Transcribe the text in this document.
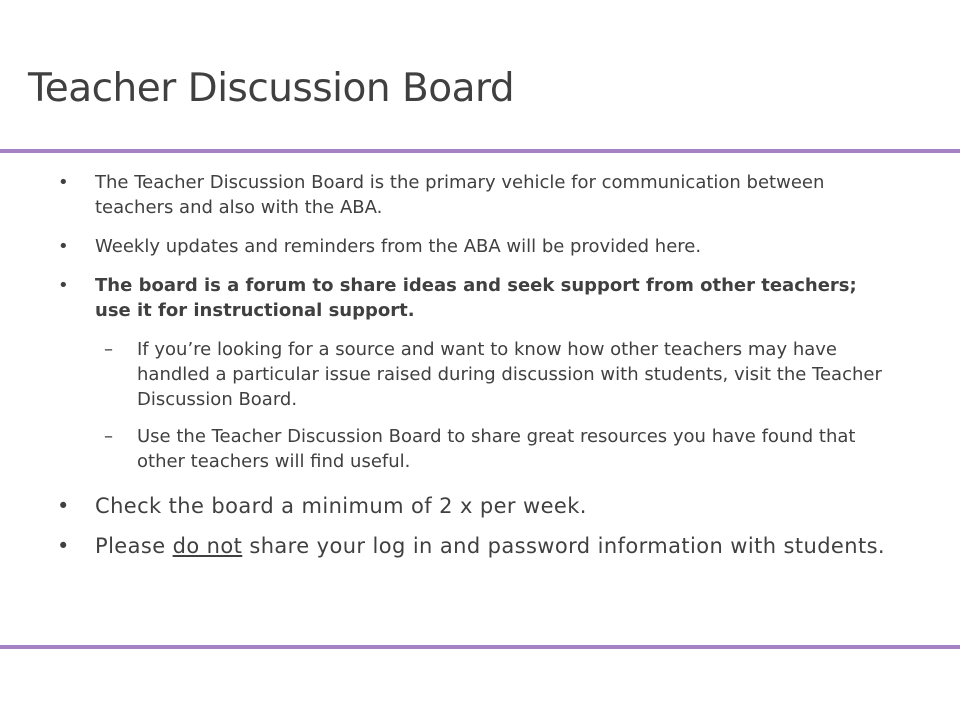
Teacher Discussion Board
• The Teacher Discussion Board is the primary vehicle for communication between teachers and also with the ABA.
• Weekly updates and reminders from the ABA will be provided here.
• The board is a forum to share ideas and seek support from other teachers; use it for instructional support.
– If you’re looking for a source and want to know how other teachers may have handled a particular issue raised during discussion with students, visit the Teacher Discussion Board.
– Use the Teacher Discussion Board to share great resources you have found that other teachers will find useful.
• Check the board a minimum of 2 x per week.
• Please do not share your log in and password information with students.
